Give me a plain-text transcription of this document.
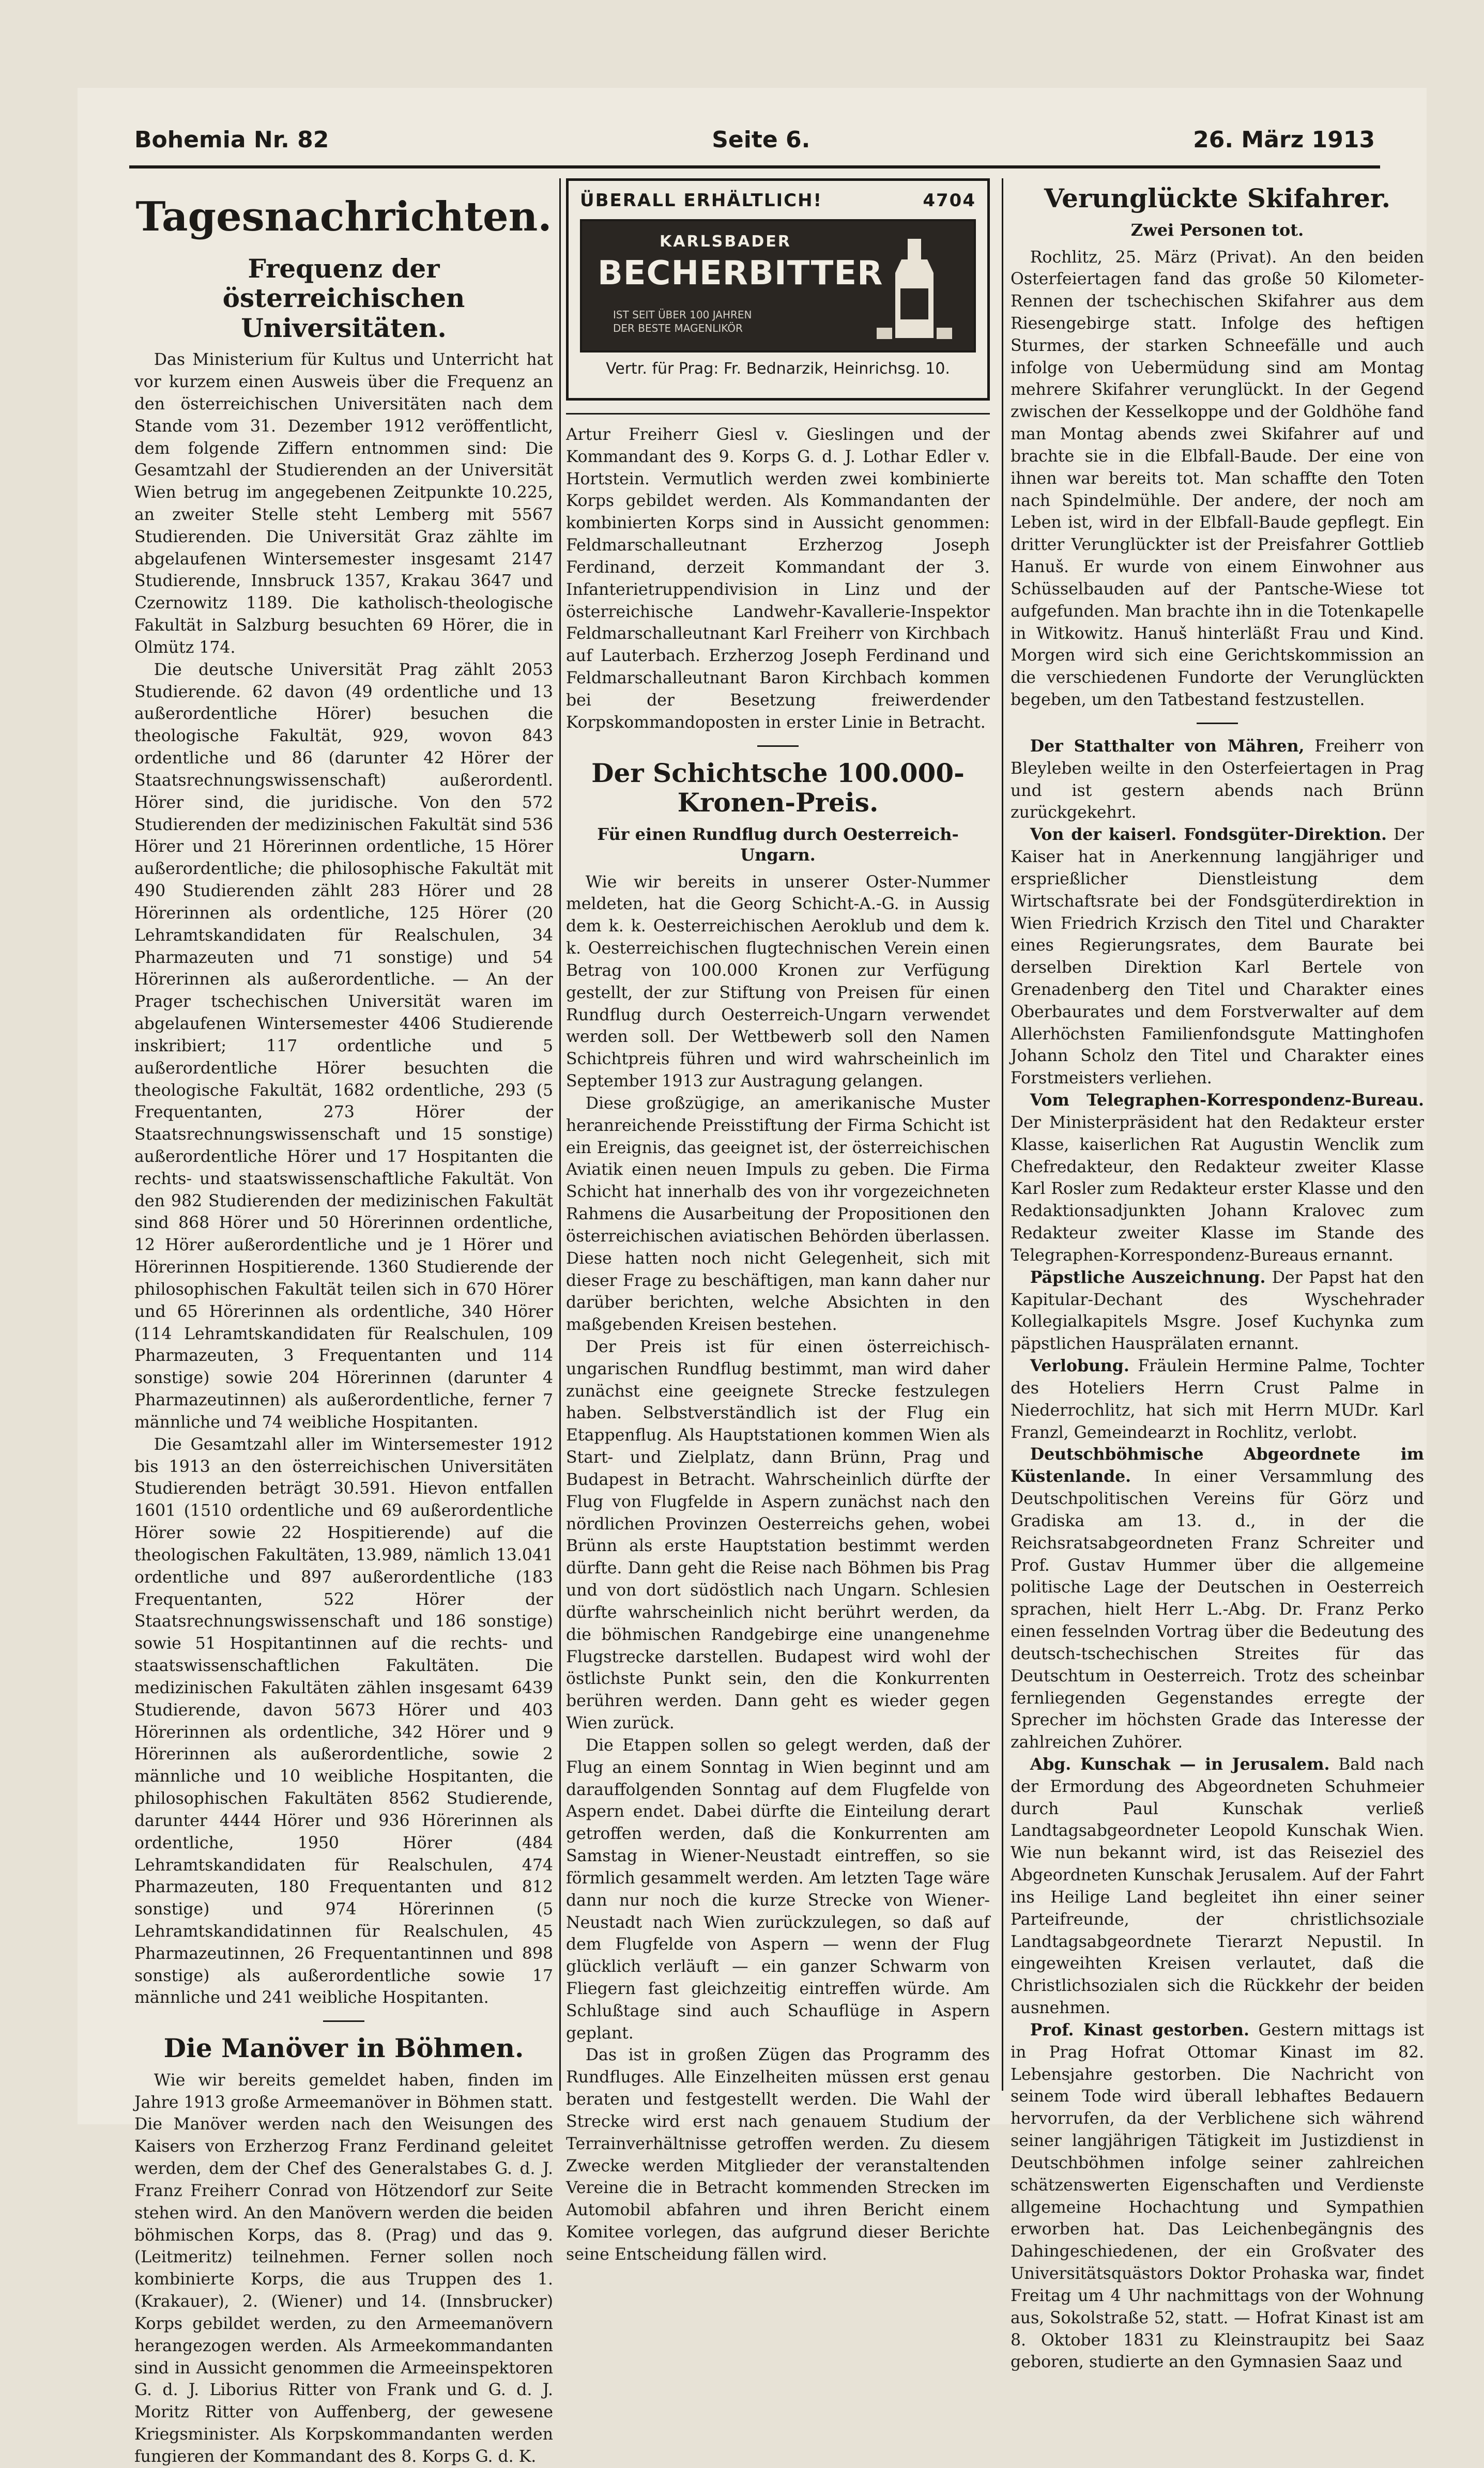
Bohemia Nr. 82	Seite 6.	26. März 1913
Tagesnachrichten.
Frequenz der österreichischen Universitäten.

Das Ministerium für Kultus und Unterricht hat vor kurzem einen Ausweis über die Frequenz an den österreichischen Universitäten nach dem Stande vom 31. Dezember 1912 veröffentlicht, dem folgende Ziffern entnommen sind: Die Gesamtzahl der Studierenden an der Universität Wien betrug im angegebenen Zeitpunkte 10.225, an zweiter Stelle steht Lemberg mit 5567 Studierenden. Die Universität Graz zählte im abgelaufenen Wintersemester insgesamt 2147 Studierende, Innsbruck 1357, Krakau 3647 und Czernowitz 1189. Die katholisch-theologische Fakultät in Salzburg besuchten 69 Hörer, die in Olmütz 174.

Die deutsche Universität Prag zählt 2053 Studierende. 62 davon (49 ordentliche und 13 außerordentliche Hörer) besuchen die theologische Fakultät, 929, wovon 843 ordentliche und 86 (darunter 42 Hörer der Staatsrechnungswissenschaft) außerordentl. Hörer sind, die juridische. Von den 572 Studierenden der medizinischen Fakultät sind 536 Hörer und 21 Hörerinnen ordentliche, 15 Hörer außerordentliche; die philosophische Fakultät mit 490 Studierenden zählt 283 Hörer und 28 Hörerinnen als ordentliche, 125 Hörer (20 Lehramtskandidaten für Realschulen, 34 Pharmazeuten und 71 sonstige) und 54 Hörerinnen als außerordentliche. — An der Prager tschechischen Universität waren im abgelaufenen Wintersemester 4406 Studierende inskribiert; 117 ordentliche und 5 außerordentliche Hörer besuchten die theologische Fakultät, 1682 ordentliche, 293 (5 Frequentanten, 273 Hörer der Staatsrechnungswissenschaft und 15 sonstige) außerordentliche Hörer und 17 Hospitanten die rechts- und staatswissenschaftliche Fakultät. Von den 982 Studierenden der medizinischen Fakultät sind 868 Hörer und 50 Hörerinnen ordentliche, 12 Hörer außerordentliche und je 1 Hörer und Hörerinnen Hospitierende. 1360 Studierende der philosophischen Fakultät teilen sich in 670 Hörer und 65 Hörerinnen als ordentliche, 340 Hörer (114 Lehramtskandidaten für Realschulen, 109 Pharmazeuten, 3 Frequentanten und 114 sonstige) sowie 204 Hörerinnen (darunter 4 Pharmazeutinnen) als außerordentliche, ferner 7 männliche und 74 weibliche Hospitanten.

Die Gesamtzahl aller im Wintersemester 1912 bis 1913 an den österreichischen Universitäten Studierenden beträgt 30.591. Hievon entfallen 1601 (1510 ordentliche und 69 außerordentliche Hörer sowie 22 Hospitierende) auf die theologischen Fakultäten, 13.989, nämlich 13.041 ordentliche und 897 außerordentliche (183 Frequentanten, 522 Hörer der Staatsrechnungswissenschaft und 186 sonstige) sowie 51 Hospitantinnen auf die rechts- und staatswissenschaftlichen Fakultäten. Die medizinischen Fakultäten zählen insgesamt 6439 Studierende, davon 5673 Hörer und 403 Hörerinnen als ordentliche, 342 Hörer und 9 Hörerinnen als außerordentliche, sowie 2 männliche und 10 weibliche Hospitanten, die philosophischen Fakultäten 8562 Studierende, darunter 4444 Hörer und 936 Hörerinnen als ordentliche, 1950 Hörer (484 Lehramtskandidaten für Realschulen, 474 Pharmazeuten, 180 Frequentanten und 812 sonstige) und 974 Hörerinnen (5 Lehramtskandidatinnen für Realschulen, 45 Pharmazeutinnen, 26 Frequentantinnen und 898 sonstige) als außerordentliche sowie 17 männliche und 241 weibliche Hospitanten.

Die Manöver in Böhmen.

Wie wir bereits gemeldet haben, finden im Jahre 1913 große Armeemanöver in Böhmen statt. Die Manöver werden nach den Weisungen des Kaisers von Erzherzog Franz Ferdinand geleitet werden, dem der Chef des Generalstabes G. d. J. Franz Freiherr Conrad von Hötzendorf zur Seite stehen wird. An den Manövern werden die beiden böhmischen Korps, das 8. (Prag) und das 9. (Leitmeritz) teilnehmen. Ferner sollen noch kombinierte Korps, die aus Truppen des 1. (Krakauer), 2. (Wiener) und 14. (Innsbrucker) Korps gebildet werden, zu den Armeemanövern herangezogen werden. Als Armeekommandanten sind in Aussicht genommen die Armeeinspektoren G. d. J. Liborius Ritter von Frank und G. d. J. Moritz Ritter von Auffenberg, der gewesene Kriegsminister. Als Korpskommandanten werden fungieren der Kommandant des 8. Korps G. d. K.

ÜBERALL ERHÄLTLICH!	4704
KARLSBADER
BECHERBITTER
IST SEIT ÜBER 100 JAHREN
DER BESTE MAGENLIKÖR
Vertr. für Prag: Fr. Bednarzik, Heinrichsg. 10.

Artur Freiherr Giesl v. Gieslingen und der Kommandant des 9. Korps G. d. J. Lothar Edler v. Hortstein. Vermutlich werden zwei kombinierte Korps gebildet werden. Als Kommandanten der kombinierten Korps sind in Aussicht genommen: Feldmarschalleutnant Erzherzog Joseph Ferdinand, derzeit Kommandant der 3. Infanterietruppendivision in Linz und der österreichische Landwehr-Kavallerie-Inspektor Feldmarschalleutnant Karl Freiherr von Kirchbach auf Lauterbach. Erzherzog Joseph Ferdinand und Feldmarschalleutnant Baron Kirchbach kommen bei der Besetzung freiwerdender Korpskommandoposten in erster Linie in Betracht.

Der Schichtsche 100.000-Kronen-Preis.
Für einen Rundflug durch Oesterreich-Ungarn.

Wie wir bereits in unserer Oster-Nummer meldeten, hat die Georg Schicht-A.-G. in Aussig dem k. k. Oesterreichischen Aeroklub und dem k. k. Oesterreichischen flugtechnischen Verein einen Betrag von 100.000 Kronen zur Verfügung gestellt, der zur Stiftung von Preisen für einen Rundflug durch Oesterreich-Ungarn verwendet werden soll. Der Wettbewerb soll den Namen Schichtpreis führen und wird wahrscheinlich im September 1913 zur Austragung gelangen.

Diese großzügige, an amerikanische Muster heranreichende Preisstiftung der Firma Schicht ist ein Ereignis, das geeignet ist, der österreichischen Aviatik einen neuen Impuls zu geben. Die Firma Schicht hat innerhalb des von ihr vorgezeichneten Rahmens die Ausarbeitung der Propositionen den österreichischen aviatischen Behörden überlassen. Diese hatten noch nicht Gelegenheit, sich mit dieser Frage zu beschäftigen, man kann daher nur darüber berichten, welche Absichten in den maßgebenden Kreisen bestehen.

Der Preis ist für einen österreichisch-ungarischen Rundflug bestimmt, man wird daher zunächst eine geeignete Strecke festzulegen haben. Selbstverständlich ist der Flug ein Etappenflug. Als Hauptstationen kommen Wien als Start- und Zielplatz, dann Brünn, Prag und Budapest in Betracht. Wahrscheinlich dürfte der Flug von Flugfelde in Aspern zunächst nach den nördlichen Provinzen Oesterreichs gehen, wobei Brünn als erste Hauptstation bestimmt werden dürfte. Dann geht die Reise nach Böhmen bis Prag und von dort südöstlich nach Ungarn. Schlesien dürfte wahrscheinlich nicht berührt werden, da die böhmischen Randgebirge eine unangenehme Flugstrecke darstellen. Budapest wird wohl der östlichste Punkt sein, den die Konkurrenten berühren werden. Dann geht es wieder gegen Wien zurück.

Die Etappen sollen so gelegt werden, daß der Flug an einem Sonntag in Wien beginnt und am darauffolgenden Sonntag auf dem Flugfelde von Aspern endet. Dabei dürfte die Einteilung derart getroffen werden, daß die Konkurrenten am Samstag in Wiener-Neustadt eintreffen, so sie förmlich gesammelt werden. Am letzten Tage wäre dann nur noch die kurze Strecke von Wiener-Neustadt nach Wien zurückzulegen, so daß auf dem Flugfelde von Aspern — wenn der Flug glücklich verläuft — ein ganzer Schwarm von Fliegern fast gleichzeitig eintreffen würde. Am Schlußtage sind auch Schauflüge in Aspern geplant.

Das ist in großen Zügen das Programm des Rundfluges. Alle Einzelheiten müssen erst genau beraten und festgestellt werden. Die Wahl der Strecke wird erst nach genauem Studium der Terrainverhältnisse getroffen werden. Zu diesem Zwecke werden Mitglieder der veranstaltenden Vereine die in Betracht kommenden Strecken im Automobil abfahren und ihren Bericht einem Komitee vorlegen, das aufgrund dieser Berichte seine Entscheidung fällen wird.

Verunglückte Skifahrer.
Zwei Personen tot.

Rochlitz, 25. März (Privat). An den beiden Osterfeiertagen fand das große 50 Kilometer-Rennen der tschechischen Skifahrer aus dem Riesengebirge statt. Infolge des heftigen Sturmes, der starken Schneefälle und auch infolge von Uebermüdung sind am Montag mehrere Skifahrer verunglückt. In der Gegend zwischen der Kesselkoppe und der Goldhöhe fand man Montag abends zwei Skifahrer auf und brachte sie in die Elbfall-Baude. Der eine von ihnen war bereits tot. Man schaffte den Toten nach Spindelmühle. Der andere, der noch am Leben ist, wird in der Elbfall-Baude gepflegt. Ein dritter Verunglückter ist der Preisfahrer Gottlieb Hanuš. Er wurde von einem Einwohner aus Schüsselbauden auf der Pantsche-Wiese tot aufgefunden. Man brachte ihn in die Totenkapelle in Witkowitz. Hanuš hinterläßt Frau und Kind. Morgen wird sich eine Gerichtskommission an die verschiedenen Fundorte der Verunglückten begeben, um den Tatbestand festzustellen.

Der Statthalter von Mähren, Freiherr von Bleyleben weilte in den Osterfeiertagen in Prag und ist gestern abends nach Brünn zurückgekehrt.

Von der kaiserl. Fondsgüter-Direktion. Der Kaiser hat in Anerkennung langjähriger und ersprießlicher Dienstleistung dem Wirtschaftsrate bei der Fondsgüterdirektion in Wien Friedrich Krzisch den Titel und Charakter eines Regierungsrates, dem Baurate bei derselben Direktion Karl Bertele von Grenadenberg den Titel und Charakter eines Oberbaurates und dem Forstverwalter auf dem Allerhöchsten Familienfondsgute Mattinghofen Johann Scholz den Titel und Charakter eines Forstmeisters verliehen.

Vom Telegraphen-Korrespondenz-Bureau. Der Ministerpräsident hat den Redakteur erster Klasse, kaiserlichen Rat Augustin Wenclik zum Chefredakteur, den Redakteur zweiter Klasse Karl Rosler zum Redakteur erster Klasse und den Redaktionsadjunkten Johann Kralovec zum Redakteur zweiter Klasse im Stande des Telegraphen-Korrespondenz-Bureaus ernannt.

Päpstliche Auszeichnung. Der Papst hat den Kapitular-Dechant des Wyschehrader Kollegialkapitels Msgre. Josef Kuchynka zum päpstlichen Hausprälaten ernannt.

Verlobung. Fräulein Hermine Palme, Tochter des Hoteliers Herrn Crust Palme in Niederrochlitz, hat sich mit Herrn MUDr. Karl Franzl, Gemeindearzt in Rochlitz, verlobt.

Deutschböhmische Abgeordnete im Küstenlande. In einer Versammlung des Deutschpolitischen Vereins für Görz und Gradiska am 13. d., in der die Reichsratsabgeordneten Franz Schreiter und Prof. Gustav Hummer über die allgemeine politische Lage der Deutschen in Oesterreich sprachen, hielt Herr L.-Abg. Dr. Franz Perko einen fesselnden Vortrag über die Bedeutung des deutsch-tschechischen Streites für das Deutschtum in Oesterreich. Trotz des scheinbar fernliegenden Gegenstandes erregte der Sprecher im höchsten Grade das Interesse der zahlreichen Zuhörer.

Abg. Kunschak — in Jerusalem. Bald nach der Ermordung des Abgeordneten Schuhmeier durch Paul Kunschak verließ Landtagsabgeordneter Leopold Kunschak Wien. Wie nun bekannt wird, ist das Reiseziel des Abgeordneten Kunschak Jerusalem. Auf der Fahrt ins Heilige Land begleitet ihn einer seiner Parteifreunde, der christlichsoziale Landtagsabgeordnete Tierarzt Nepustil. In eingeweihten Kreisen verlautet, daß die Christlichsozialen sich die Rückkehr der beiden ausnehmen.

Prof. Kinast gestorben. Gestern mittags ist in Prag Hofrat Ottomar Kinast im 82. Lebensjahre gestorben. Die Nachricht von seinem Tode wird überall lebhaftes Bedauern hervorrufen, da der Verblichene sich während seiner langjährigen Tätigkeit im Justizdienst in Deutschböhmen infolge seiner zahlreichen schätzenswerten Eigenschaften und Verdienste allgemeine Hochachtung und Sympathien erworben hat. Das Leichenbegängnis des Dahingeschiedenen, der ein Großvater des Universitätsquästors Doktor Prohaska war, findet Freitag um 4 Uhr nachmittags von der Wohnung aus, Sokolstraße 52, statt. — Hofrat Kinast ist am 8. Oktober 1831 zu Kleinstraupitz bei Saaz geboren, studierte an den Gymnasien Saaz und
